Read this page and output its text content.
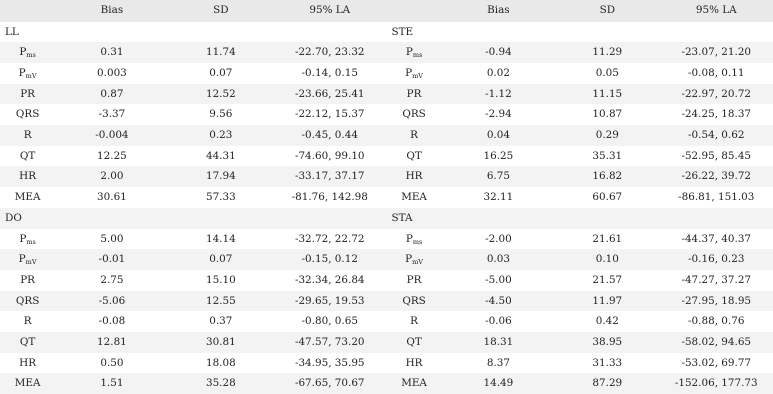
	Bias	SD	95% LA		Bias	SD	95% LA
LL				STE			
$P_{ms}$	0.31	11.74	-22.70, 23.32	$P_{ms}$	-0.94	11.29	-23.07, 21.20
$P_{mV}$	0.003	0.07	-0.14, 0.15	$P_{mV}$	0.02	0.05	-0.08, 0.11
PR	0.87	12.52	-23.66, 25.41	PR	-1.12	11.15	-22.97, 20.72
QRS	-3.37	9.56	-22.12, 15.37	QRS	-2.94	10.87	-24.25, 18.37
R	-0.004	0.23	-0.45, 0.44	R	0.04	0.29	-0.54, 0.62
QT	12.25	44.31	-74.60, 99.10	QT	16.25	35.31	-52.95, 85.45
HR	2.00	17.94	-33.17, 37.17	HR	6.75	16.82	-26.22, 39.72
MEA	30.61	57.33	-81.76, 142.98	MEA	32.11	60.67	-86.81, 151.03
DO				STA			
$P_{ms}$	5.00	14.14	-32.72, 22.72	$P_{ms}$	-2.00	21.61	-44.37, 40.37
$P_{mV}$	-0.01	0.07	-0.15, 0.12	$P_{mV}$	0.03	0.10	-0.16, 0.23
PR	2.75	15.10	-32.34, 26.84	PR	-5.00	21.57	-47.27, 37.27
QRS	-5.06	12.55	-29.65, 19.53	QRS	-4.50	11.97	-27.95, 18.95
R	-0.08	0.37	-0.80, 0.65	R	-0.06	0.42	-0.88, 0.76
QT	12.81	30.81	-47.57, 73.20	QT	18.31	38.95	-58.02, 94.65
HR	0.50	18.08	-34.95, 35.95	HR	8.37	31.33	-53.02, 69.77
MEA	1.51	35.28	-67.65, 70.67	MEA	14.49	87.29	-152.06, 177.73
